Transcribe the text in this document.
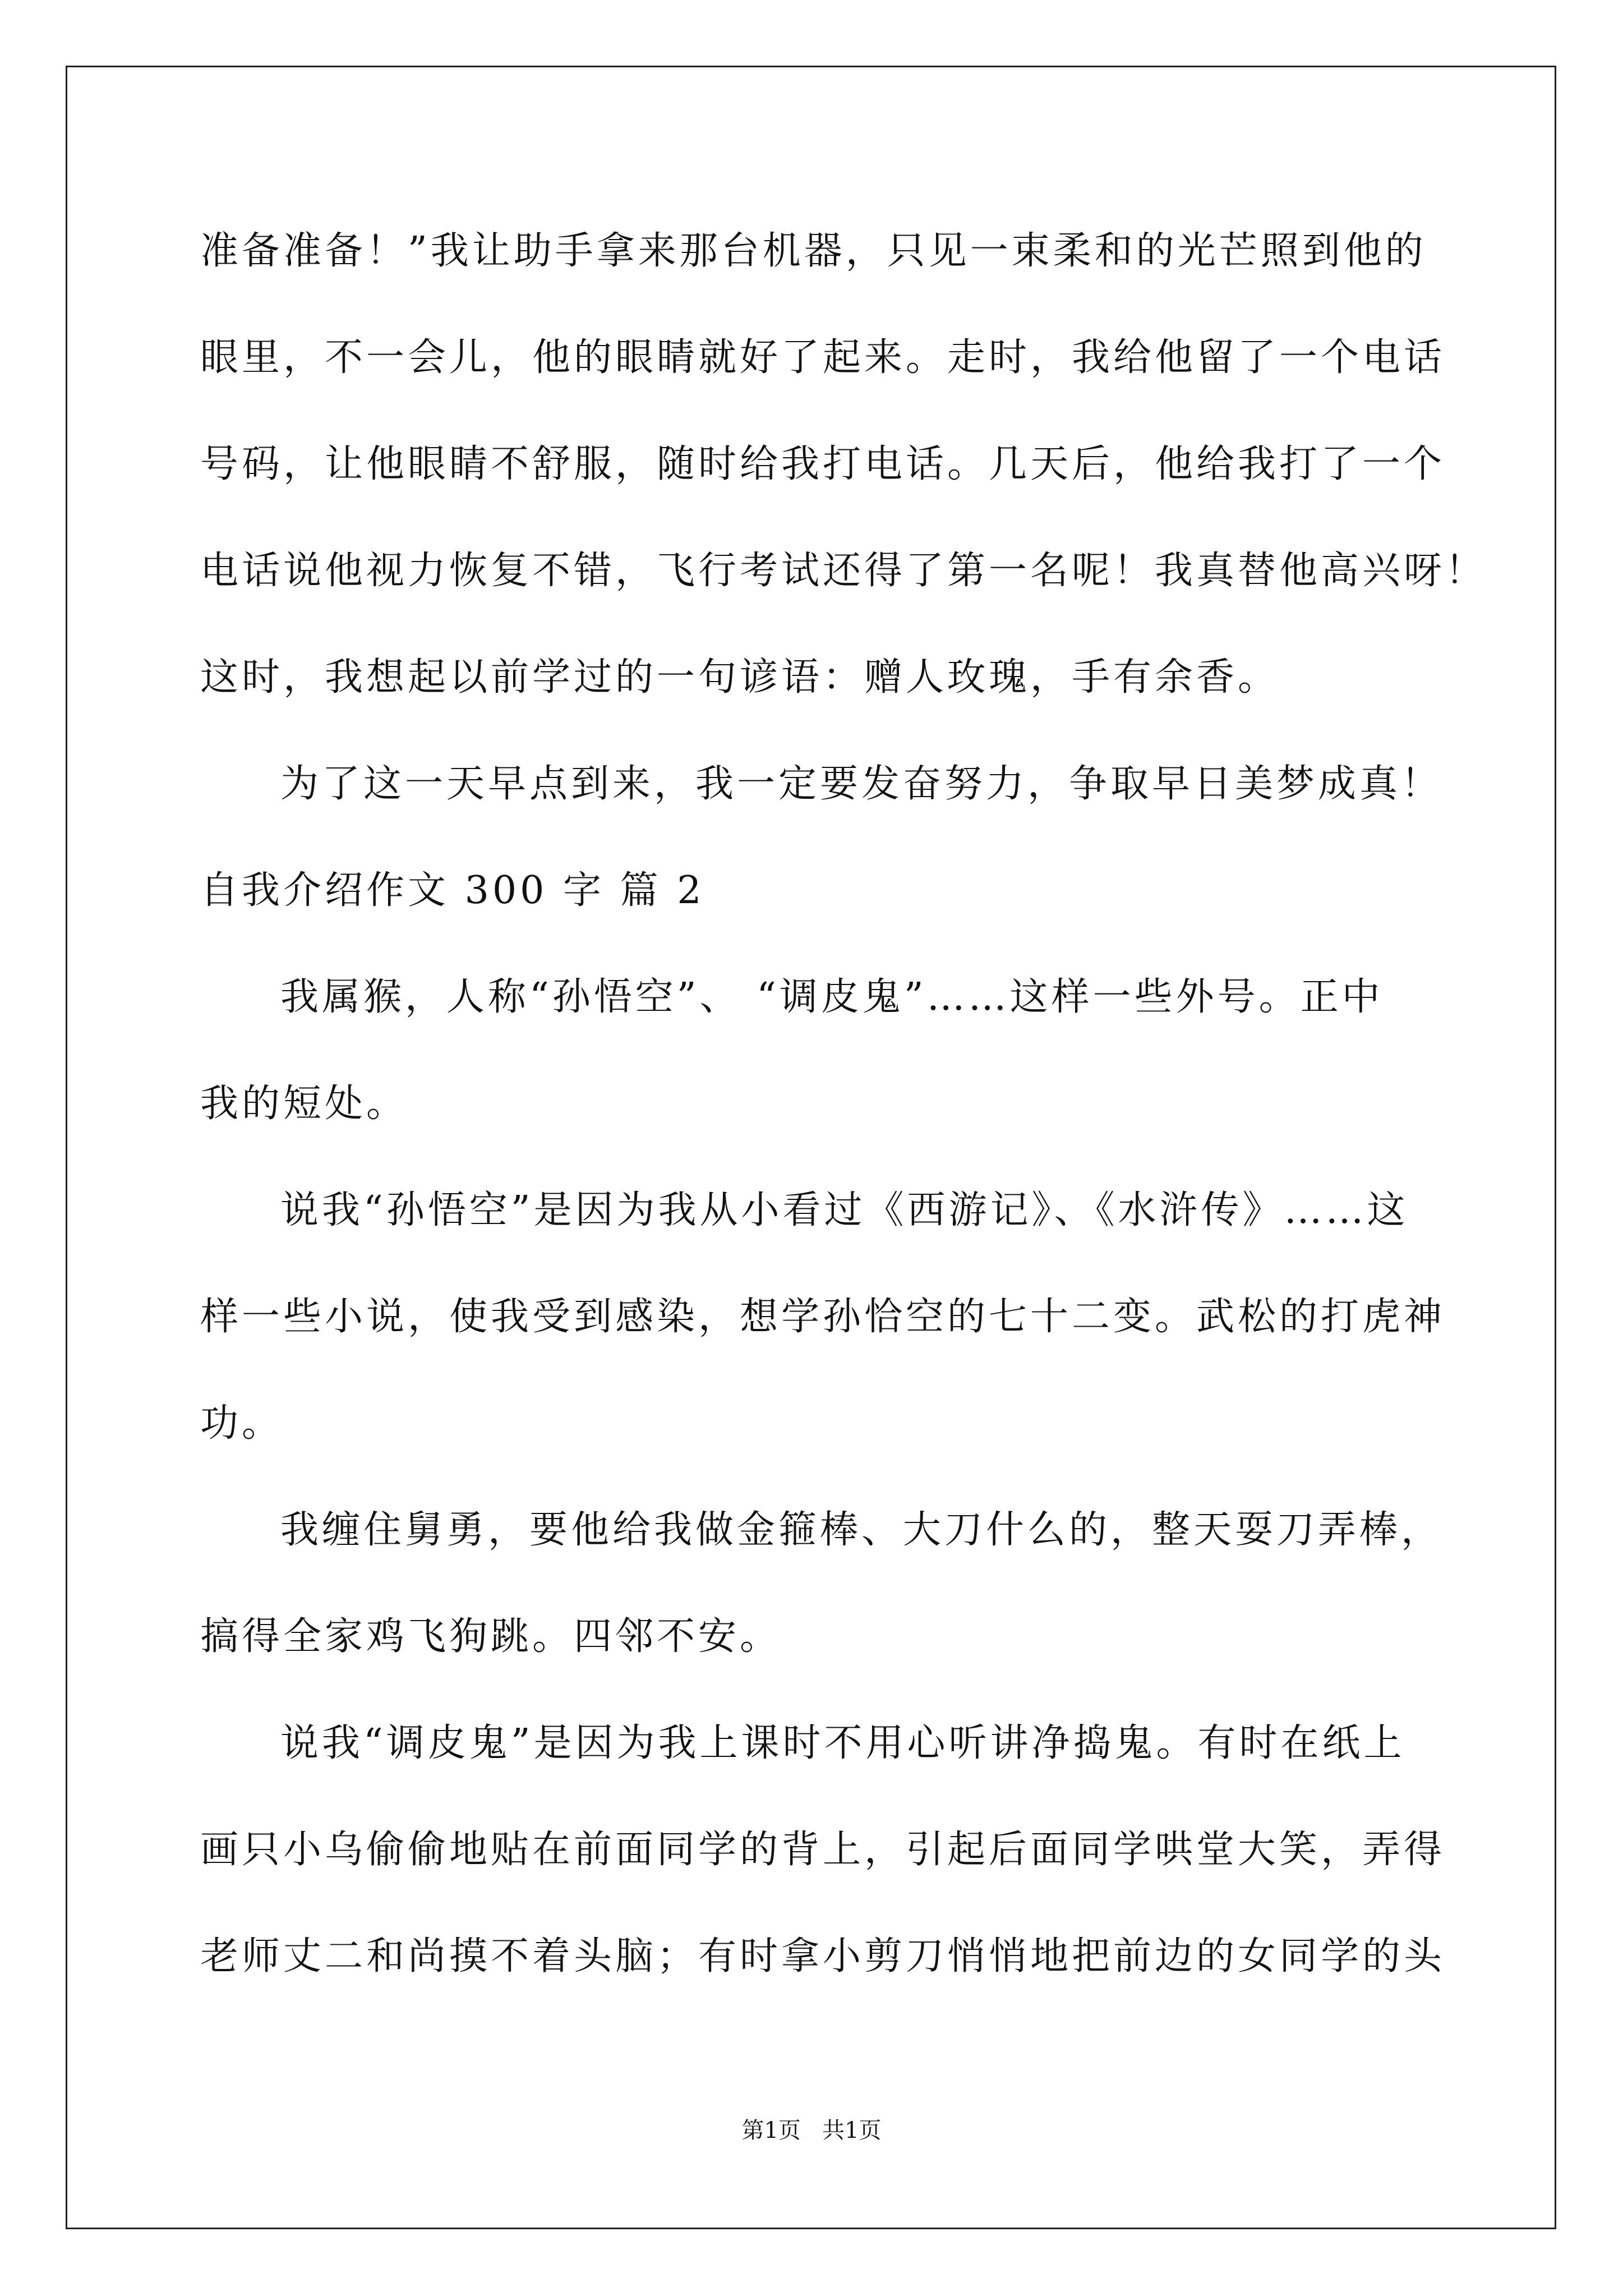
准备准备！”我让助手拿来那台机器，只见一束柔和的光芒照到他的
眼里，不一会儿，他的眼睛就好了起来。走时，我给他留了一个电话
号码，让他眼睛不舒服，随时给我打电话。几天后，他给我打了一个
电话说他视力恢复不错，飞行考试还得了第一名呢！我真替他高兴呀！
这时，我想起以前学过的一句谚语：赠人玫瑰，手有余香。
为了这一天早点到来，我一定要发奋努力，争取早日美梦成真！
自我介绍作文 300 字 篇 2
我属猴，人称“孙悟空”、 “调皮鬼”……这样一些外号。正中
我的短处。
说我“孙悟空”是因为我从小看过《西游记》、《水浒传》……这
样一些小说，使我受到感染，想学孙恰空的七十二变。武松的打虎神
功。
我缠住舅勇，要他给我做金箍棒、大刀什么的，整天耍刀弄棒，
搞得全家鸡飞狗跳。四邻不安。
说我“调皮鬼”是因为我上课时不用心听讲净捣鬼。有时在纸上
画只小乌偷偷地贴在前面同学的背上，引起后面同学哄堂大笑，弄得
老师丈二和尚摸不着头脑；有时拿小剪刀悄悄地把前边的女同学的头
第1页   共1页
